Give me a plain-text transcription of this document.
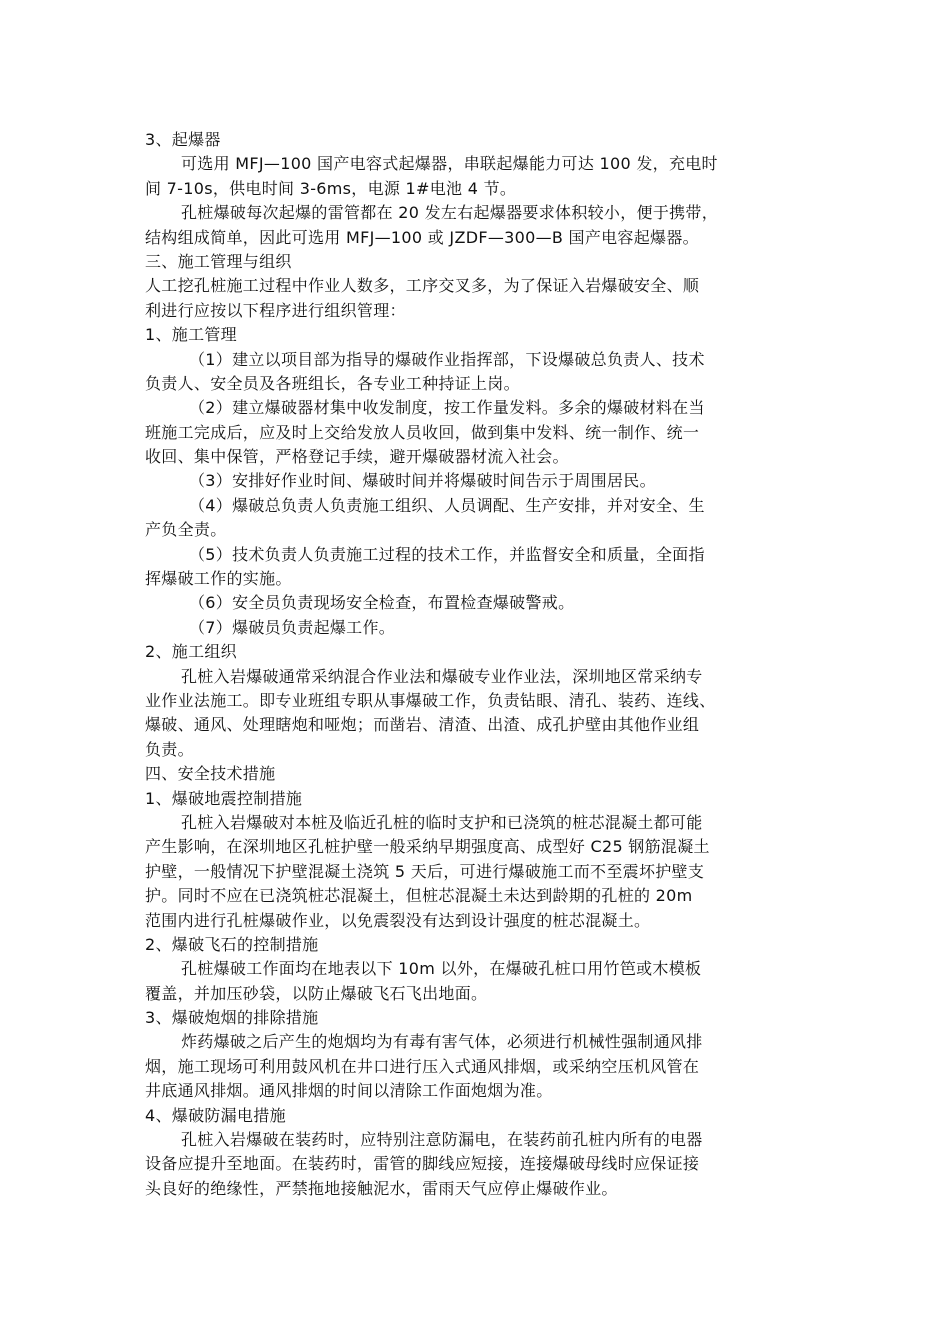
3、起爆器
可选用 MFJ—100 国产电容式起爆器，串联起爆能力可达 100 发，充电时
间 7-10s，供电时间 3-6ms，电源 1#电池 4 节。
孔桩爆破每次起爆的雷管都在 20 发左右起爆器要求体积较小，便于携带，
结构组成简单，因此可选用 MFJ—100 或 JZDF—300—B 国产电容起爆器。
三、施工管理与组织
人工挖孔桩施工过程中作业人数多，工序交叉多，为了保证入岩爆破安全、顺
利进行应按以下程序进行组织管理：
1、施工管理
（1）建立以项目部为指导的爆破作业指挥部，下设爆破总负责人、技术
负责人、安全员及各班组长，各专业工种持证上岗。
（2）建立爆破器材集中收发制度，按工作量发料。多余的爆破材料在当
班施工完成后，应及时上交给发放人员收回，做到集中发料、统一制作、统一
收回、集中保管，严格登记手续，避开爆破器材流入社会。
（3）安排好作业时间、爆破时间并将爆破时间告示于周围居民。
（4）爆破总负责人负责施工组织、人员调配、生产安排，并对安全、生
产负全责。
（5）技术负责人负责施工过程的技术工作，并监督安全和质量，全面指
挥爆破工作的实施。
（6）安全员负责现场安全检查，布置检查爆破警戒。
（7）爆破员负责起爆工作。
2、施工组织
孔桩入岩爆破通常采纳混合作业法和爆破专业作业法，深圳地区常采纳专
业作业法施工。即专业班组专职从事爆破工作，负责钻眼、清孔、装药、连线、
爆破、通风、处理瞎炮和哑炮；而凿岩、清渣、出渣、成孔护壁由其他作业组
负责。
四、安全技术措施
1、爆破地震控制措施
孔桩入岩爆破对本桩及临近孔桩的临时支护和已浇筑的桩芯混凝土都可能
产生影响，在深圳地区孔桩护壁一般采纳早期强度高、成型好 C25 钢筋混凝土
护壁，一般情况下护壁混凝土浇筑 5 天后，可进行爆破施工而不至震坏护壁支
护。同时不应在已浇筑桩芯混凝土，但桩芯混凝土未达到龄期的孔桩的 20m
范围内进行孔桩爆破作业，以免震裂没有达到设计强度的桩芯混凝土。
2、爆破飞石的控制措施
孔桩爆破工作面均在地表以下 10m 以外，在爆破孔桩口用竹笆或木模板
覆盖，并加压砂袋，以防止爆破飞石飞出地面。
3、爆破炮烟的排除措施
炸药爆破之后产生的炮烟均为有毒有害气体，必须进行机械性强制通风排
烟，施工现场可利用鼓风机在井口进行压入式通风排烟，或采纳空压机风管在
井底通风排烟。通风排烟的时间以清除工作面炮烟为准。
4、爆破防漏电措施
孔桩入岩爆破在装药时，应特别注意防漏电，在装药前孔桩内所有的电器
设备应提升至地面。在装药时，雷管的脚线应短接，连接爆破母线时应保证接
头良好的绝缘性，严禁拖地接触泥水，雷雨天气应停止爆破作业。
